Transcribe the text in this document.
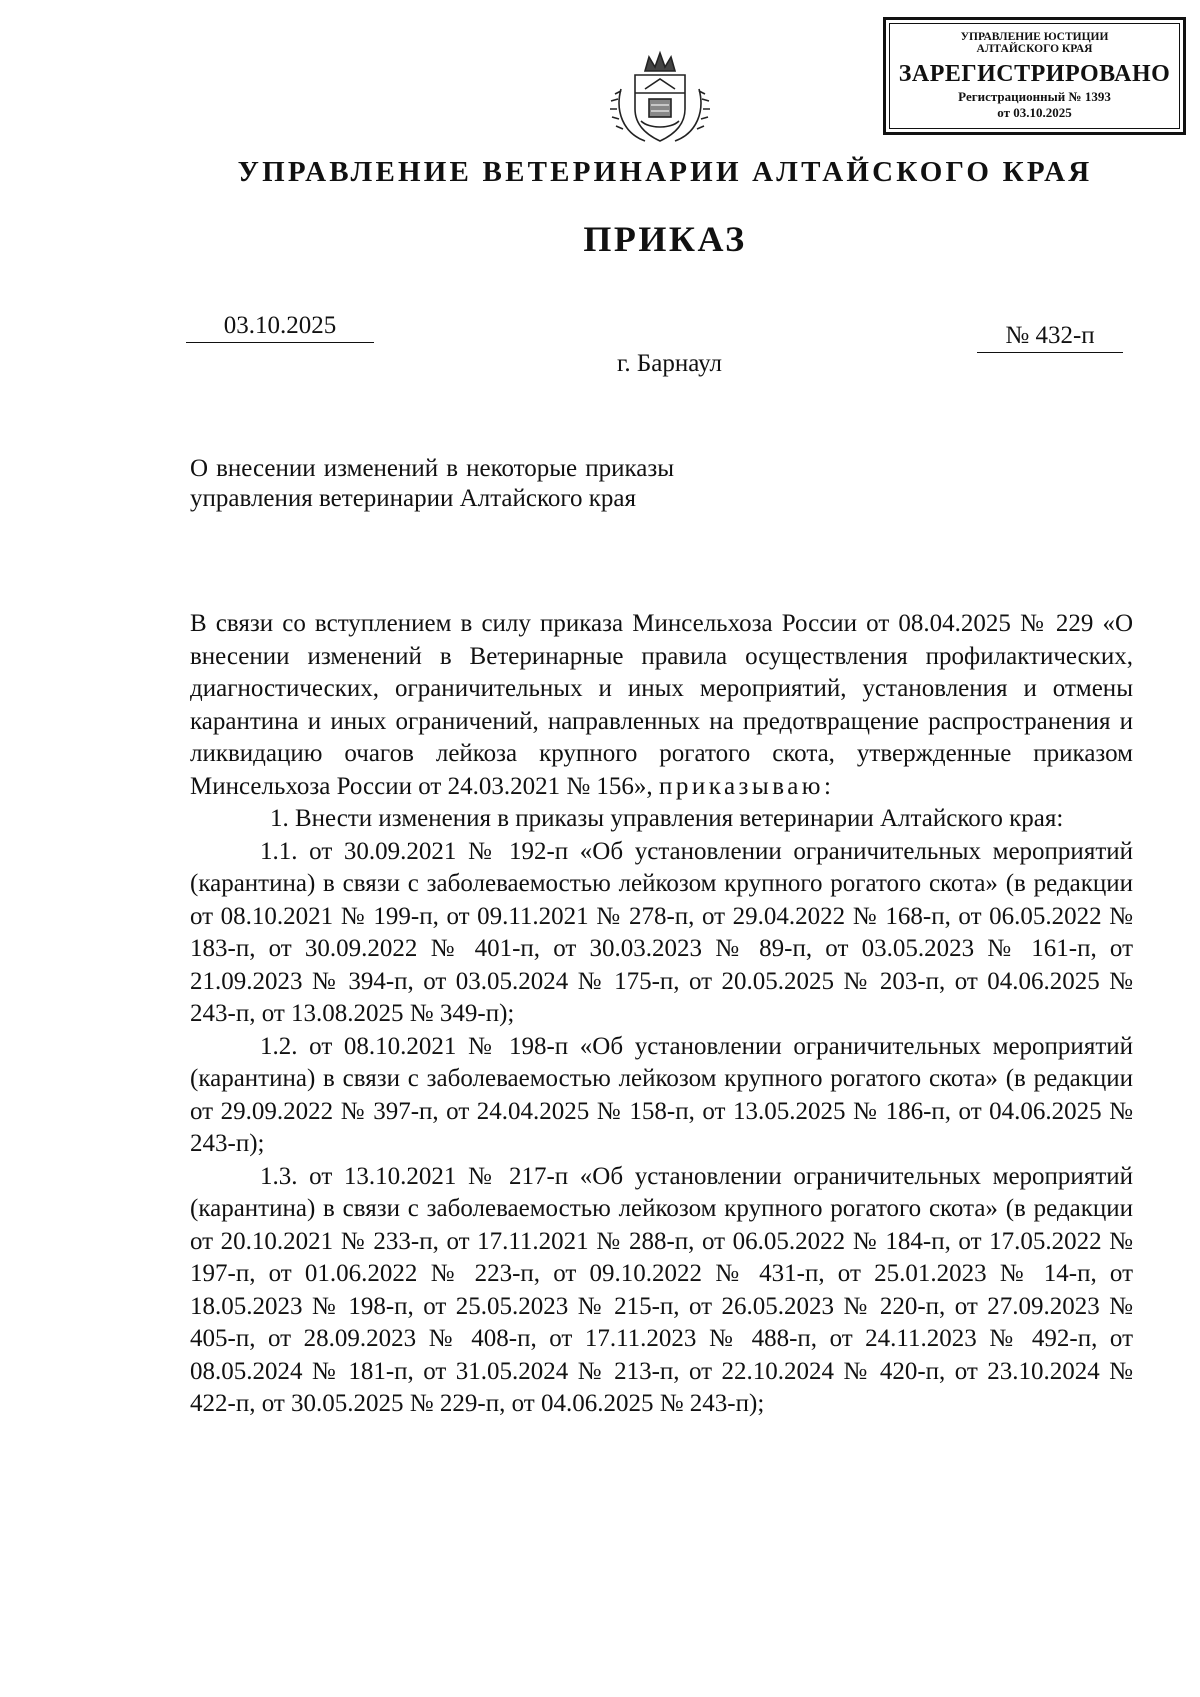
УПРАВЛЕНИЕ ЮСТИЦИИ
АЛТАЙСКОГО КРАЯ
ЗАРЕГИСТРИРОВАНО
Регистрационный № 1393
от 03.10.2025
УПРАВЛЕНИЕ ВЕТЕРИНАРИИ АЛТАЙСКОГО КРАЯ
ПРИКАЗ
03.10.2025	№ 432-п
г. Барнаул
О внесении изменений в некоторые приказы управления ветеринарии Алтайского края

В связи со вступлением в силу приказа Минсельхоза России от 08.04.2025 № 229 «О внесении изменений в Ветеринарные правила осуществления профилактических, диагностических, ограничительных и иных мероприятий, установления и отмены карантина и иных ограничений, направленных на предотвращение распространения и ликвидацию очагов лейкоза крупного рогатого скота, утвержденные приказом Минсельхоза России от 24.03.2021 № 156», приказываю:

1. Внести изменения в приказы управления ветеринарии Алтайского края:

1.1. от 30.09.2021 № 192-п «Об установлении ограничительных мероприятий (карантина) в связи с заболеваемостью лейкозом крупного рогатого скота» (в редакции от 08.10.2021 № 199-п, от 09.11.2021 № 278-п, от 29.04.2022 № 168-п, от 06.05.2022 № 183-п, от 30.09.2022 № 401-п, от 30.03.2023 № 89-п, от 03.05.2023 № 161-п, от 21.09.2023 № 394-п, от 03.05.2024 № 175-п, от 20.05.2025 № 203-п, от 04.06.2025 № 243-п, от 13.08.2025 № 349-п);

1.2. от 08.10.2021 № 198-п «Об установлении ограничительных мероприятий (карантина) в связи с заболеваемостью лейкозом крупного рогатого скота» (в редакции от 29.09.2022 № 397-п, от 24.04.2025 № 158-п, от 13.05.2025 № 186-п, от 04.06.2025 № 243-п);

1.3. от 13.10.2021 № 217-п «Об установлении ограничительных мероприятий (карантина) в связи с заболеваемостью лейкозом крупного рогатого скота» (в редакции от 20.10.2021 № 233-п, от 17.11.2021 № 288-п, от 06.05.2022 № 184-п, от 17.05.2022 № 197-п, от 01.06.2022 № 223-п, от 09.10.2022 № 431-п, от 25.01.2023 № 14-п, от 18.05.2023 № 198-п, от 25.05.2023 № 215-п, от 26.05.2023 № 220-п, от 27.09.2023 № 405-п, от 28.09.2023 № 408-п, от 17.11.2023 № 488-п, от 24.11.2023 № 492-п, от 08.05.2024 № 181-п, от 31.05.2024 № 213-п, от 22.10.2024 № 420-п, от 23.10.2024 № 422-п, от 30.05.2025 № 229-п, от 04.06.2025 № 243-п);
